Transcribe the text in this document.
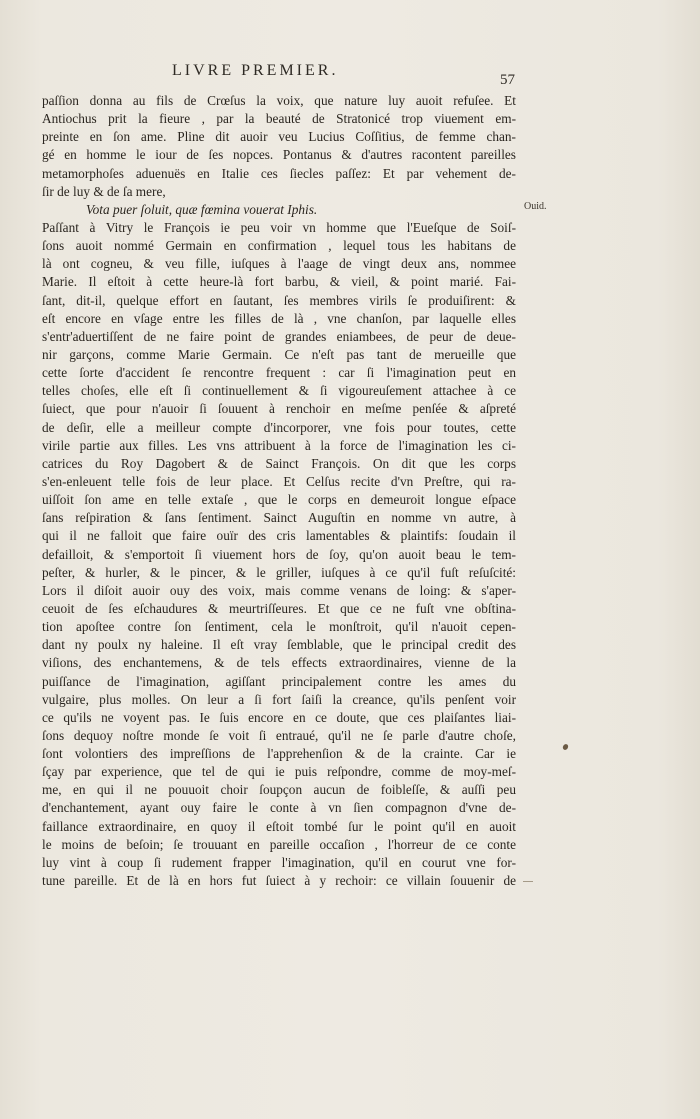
LIVRE PREMIER.
57
paſſion donna au fils de Crœſus la voix, que nature luy auoit refuſee. Et
Antiochus prit la fieure , par la beauté de Stratonicé trop viuement em-
preinte en ſon ame. Pline dit auoir veu Lucius Coſſitius, de femme chan-
gé en homme le iour de ſes nopces. Pontanus & d'autres racontent pareilles
metamorphoſes aduenuës en Italie ces ſiecles paſſez: Et par vehement de-
ſir de luy & de ſa mere,
Vota puer ſoluit, quæ fœmina vouerat Iphis.
Paſſant à Vitry le François ie peu voir vn homme que l'Eueſque de Soiſ-
ſons auoit nommé Germain en confirmation , lequel tous les habitans de
là ont cogneu, & veu fille, iuſques à l'aage de vingt deux ans, nommee
Marie. Il eſtoit à cette heure-là fort barbu, & vieil, & point marié. Fai-
ſant, dit-il, quelque effort en ſautant, ſes membres virils ſe produiſirent: &
eſt encore en vſage entre les filles de là , vne chanſon, par laquelle elles
s'entr'aduertiſſent de ne faire point de grandes eniambees, de peur de deue-
nir garçons, comme Marie Germain. Ce n'eſt pas tant de merueille que
cette ſorte d'accident ſe rencontre frequent : car ſi l'imagination peut en
telles choſes, elle eſt ſi continuellement & ſi vigoureuſement attachee à ce
ſuiect, que pour n'auoir ſi ſouuent à renchoir en meſme penſée & aſpreté
de deſir, elle a meilleur compte d'incorporer, vne fois pour toutes, cette
virile partie aux filles. Les vns attribuent à la force de l'imagination les ci-
catrices du Roy Dagobert & de Sainct François. On dit que les corps
s'en-enleuent telle fois de leur place. Et Celſus recite d'vn Preſtre, qui ra-
uiſſoit ſon ame en telle extaſe , que le corps en demeuroit longue eſpace
ſans reſpiration & ſans ſentiment. Sainct Auguſtin en nomme vn autre, à
qui il ne falloit que faire ouïr des cris lamentables & plaintifs: ſoudain il
defailloit, & s'emportoit ſi viuement hors de ſoy, qu'on auoit beau le tem-
peſter, & hurler, & le pincer, & le griller, iuſques à ce qu'il fuſt reſuſcité:
Lors il diſoit auoir ouy des voix, mais comme venans de loing: & s'aper-
ceuoit de ſes eſchaudures & meurtriſſeures. Et que ce ne fuſt vne obſtina-
tion apoſtee contre ſon ſentiment, cela le monſtroit, qu'il n'auoit cepen-
dant ny poulx ny haleine. Il eſt vray ſemblable, que le principal credit des
viſions, des enchantemens, & de tels effects extraordinaires, vienne de la
puiſſance de l'imagination, agiſſant principalement contre les ames du
vulgaire, plus molles. On leur a ſi fort ſaiſi la creance, qu'ils penſent voir
ce qu'ils ne voyent pas. Ie ſuis encore en ce doute, que ces plaiſantes liai-
ſons dequoy noſtre monde ſe voit ſi entraué, qu'il ne ſe parle d'autre choſe,
ſont volontiers des impreſſions de l'apprehenſion & de la crainte. Car ie
ſçay par experience, que tel de qui ie puis reſpondre, comme de moy-meſ-
me, en qui il ne pouuoit choir ſoupçon aucun de foibleſſe, & auſſi peu
d'enchantement, ayant ouy faire le conte à vn ſien compagnon d'vne de-
faillance extraordinaire, en quoy il eſtoit tombé ſur le point qu'il en auoit
le moins de beſoin; ſe trouuant en pareille occaſion , l'horreur de ce conte
luy vint à coup ſi rudement frapper l'imagination, qu'il en courut vne for-
tune pareille. Et de là en hors fut ſuiect à y rechoir: ce villain ſouuenir de
Ouid.
